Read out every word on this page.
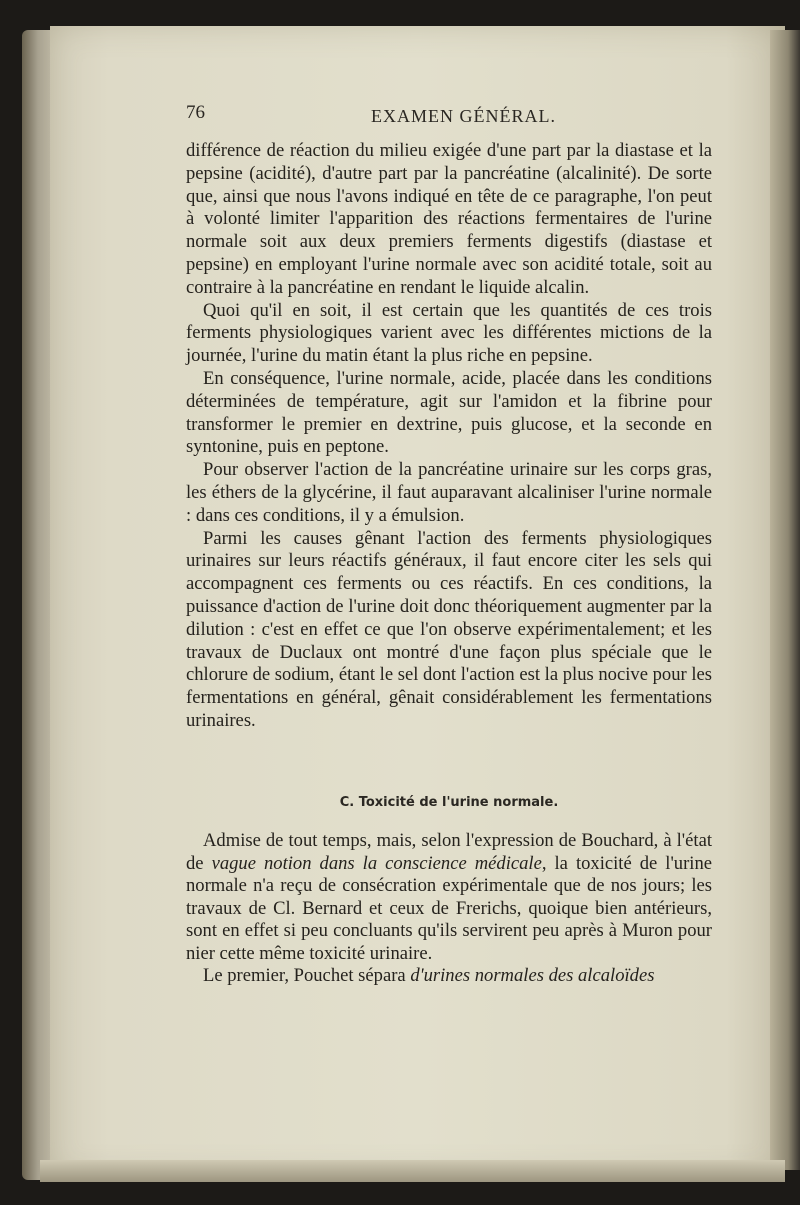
76	EXAMEN GÉNÉRAL.

différence de réaction du milieu exigée d'une part par la diastase et la pepsine (acidité), d'autre part par la pancréatine (alcalinité). De sorte que, ainsi que nous l'avons indiqué en tête de ce paragraphe, l'on peut à volonté limiter l'apparition des réactions fermentaires de l'urine normale soit aux deux premiers ferments digestifs (diastase et pepsine) en employant l'urine normale avec son acidité totale, soit au contraire à la pancréatine en rendant le liquide alcalin.

Quoi qu'il en soit, il est certain que les quantités de ces trois ferments physiologiques varient avec les différentes mictions de la journée, l'urine du matin étant la plus riche en pepsine.

En conséquence, l'urine normale, acide, placée dans les conditions déterminées de température, agit sur l'amidon et la fibrine pour transformer le premier en dextrine, puis glucose, et la seconde en syntonine, puis en peptone.

Pour observer l'action de la pancréatine urinaire sur les corps gras, les éthers de la glycérine, il faut auparavant alcaliniser l'urine normale : dans ces conditions, il y a émulsion.

Parmi les causes gênant l'action des ferments physiologiques urinaires sur leurs réactifs généraux, il faut encore citer les sels qui accompagnent ces ferments ou ces réactifs. En ces conditions, la puissance d'action de l'urine doit donc théoriquement augmenter par la dilution : c'est en effet ce que l'on observe expérimentalement; et les travaux de Duclaux ont montré d'une façon plus spéciale que le chlorure de sodium, étant le sel dont l'action est la plus nocive pour les fermentations en général, gênait considérablement les fermentations urinaires.

C. Toxicité de l'urine normale.

Admise de tout temps, mais, selon l'expression de Bouchard, à l'état de vague notion dans la conscience médicale, la toxicité de l'urine normale n'a reçu de consécration expérimentale que de nos jours; les travaux de Cl. Bernard et ceux de Frerichs, quoique bien antérieurs, sont en effet si peu concluants qu'ils servirent peu après à Muron pour nier cette même toxicité urinaire.

Le premier, Pouchet sépara d'urines normales des alcaloïdes
